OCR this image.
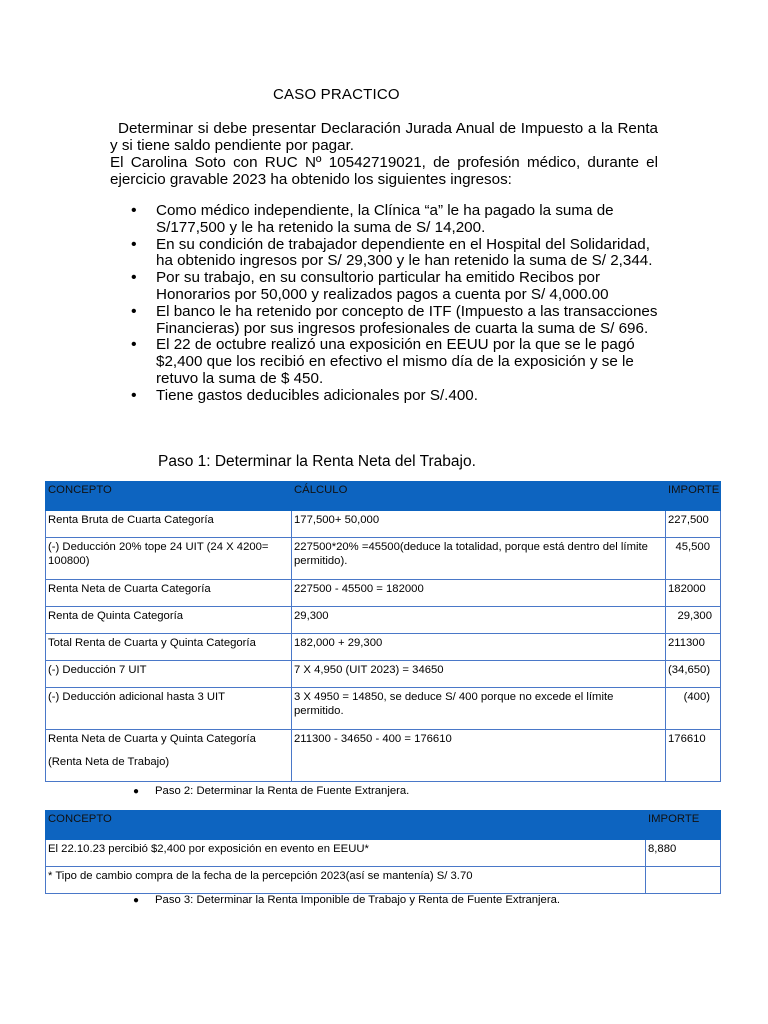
CASO PRACTICO

Determinar si debe presentar Declaración Jurada Anual de Impuesto a la Renta y si tiene saldo pendiente por pagar.

El Carolina Soto con RUC Nº 10542719021, de profesión médico, durante el ejercicio gravable 2023 ha obtenido los siguientes ingresos:

• Como médico independiente, la Clínica “a” le ha pagado la suma de S/177,500 y le ha retenido la suma de S/ 14,200.
• En su condición de trabajador dependiente en el Hospital del Solidaridad, ha obtenido ingresos por S/ 29,300 y le han retenido la suma de S/ 2,344.
• Por su trabajo, en su consultorio particular ha emitido Recibos por Honorarios por 50,000 y realizados pagos a cuenta por S/ 4,000.00
• El banco le ha retenido por concepto de ITF (Impuesto a las transacciones Financieras) por sus ingresos profesionales de cuarta la suma de S/ 696.
• El 22 de octubre realizó una exposición en EEUU por la que se le pagó $2,400 que los recibió en efectivo el mismo día de la exposición y se le retuvo la suma de $ 450.
• Tiene gastos deducibles adicionales por S/.400.
Paso 1: Determinar la Renta Neta del Trabajo.
CONCEPTO	CÁLCULO	IMPORTE
Renta Bruta de Cuarta Categoría	177,500+ 50,000	227,500
(-) Deducción 20% tope 24 UIT (24 X 4200= 100800)	227500*20% =45500(deduce la totalidad, porque está dentro del límite permitido).	45,500
Renta Neta de Cuarta Categoría	227500 - 45500 = 182000	182000
Renta de Quinta Categoría	29,300	29,300
Total Renta de Cuarta y Quinta Categoría	182,000 + 29,300	211300
(-) Deducción 7 UIT	7 X 4,950 (UIT 2023) = 34650	(34,650)
(-) Deducción adicional hasta 3 UIT	3 X 4950 = 14850, se deduce S/ 400 porque no excede el límite permitido.	(400)

Renta Neta de Cuarta y Quinta Categoría
(Renta Neta de Trabajo)	211300 - 34650 - 400 = 176610	176610
● Paso 2: Determinar la Renta de Fuente Extranjera.
CONCEPTO	IMPORTE
El 22.10.23 percibió $2,400 por exposición en evento en EEUU*	8,880
* Tipo de cambio compra de la fecha de la percepción 2023(así se mantenía) S/ 3.70	
● Paso 3: Determinar la Renta Imponible de Trabajo y Renta de Fuente Extranjera.
